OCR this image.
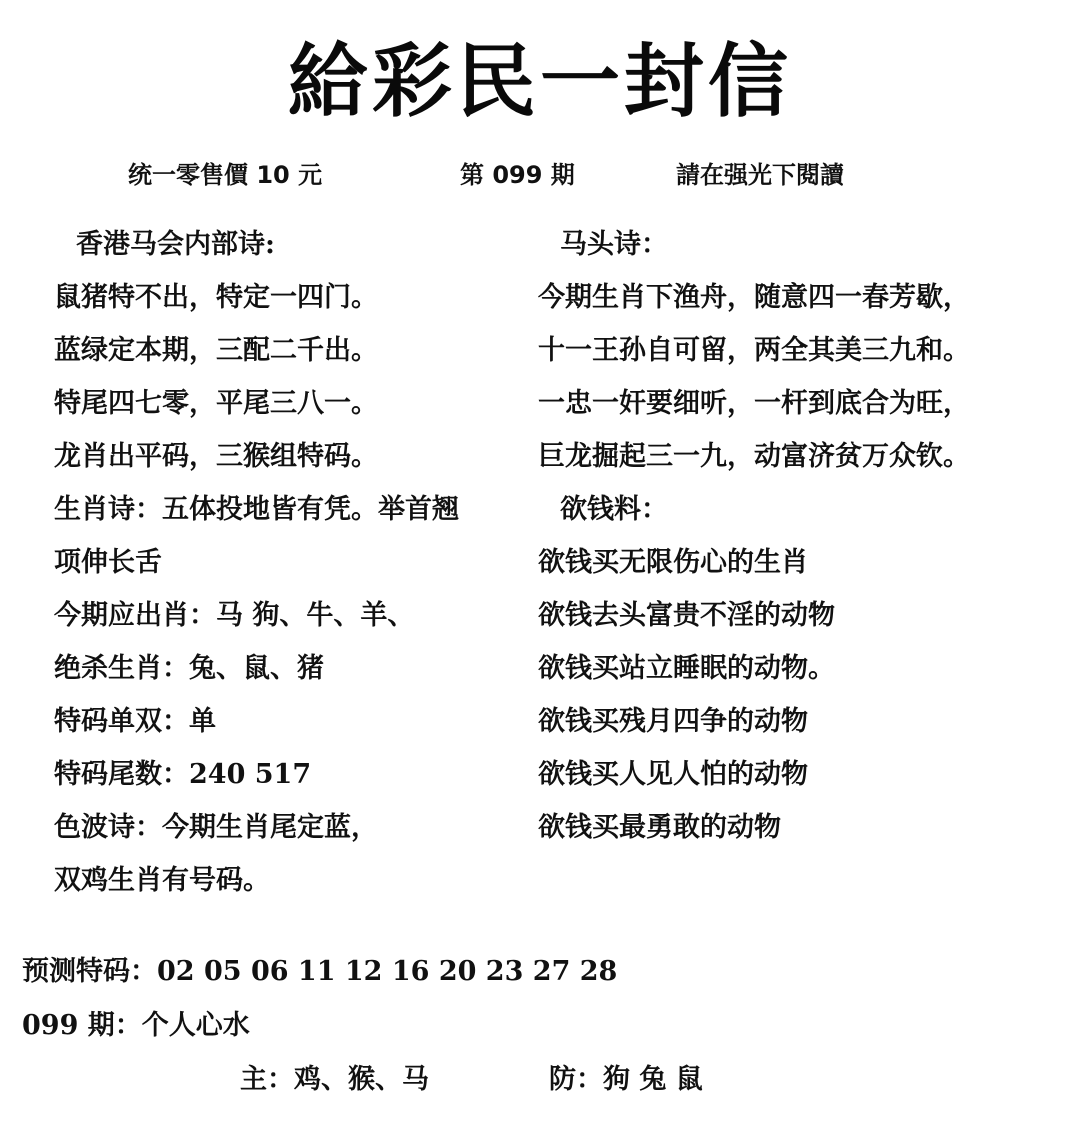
給彩民一封信
统一零售價 10 元	第 099 期	請在强光下閱讀
香港马会内部诗:
鼠猪特不出，特定一四门。
蓝绿定本期，三配二千出。
特尾四七零，平尾三八一。
龙肖出平码，三猴组特码。
生肖诗：五体投地皆有凭。举首翘
项伸长舌
今期应出肖：马 狗、牛、羊、
绝杀生肖：兔、鼠、猪
特码单双：单
特码尾数：240 517
色波诗：今期生肖尾定蓝，
双鸡生肖有号码。
马头诗：
今期生肖下渔舟，随意四一春芳歇，
十一王孙自可留，两全其美三九和。
一忠一奸要细听，一杆到底合为旺，
巨龙掘起三一九，动富济贫万众钦。
欲钱料：
欲钱买无限伤心的生肖
欲钱去头富贵不淫的动物
欲钱买站立睡眠的动物。
欲钱买残月四争的动物
欲钱买人见人怕的动物
欲钱买最勇敢的动物
预测特码：02 05 06 11 12 16 20 23 27 28
099 期：个人心水
主：鸡、猴、马	防：狗 兔 鼠
